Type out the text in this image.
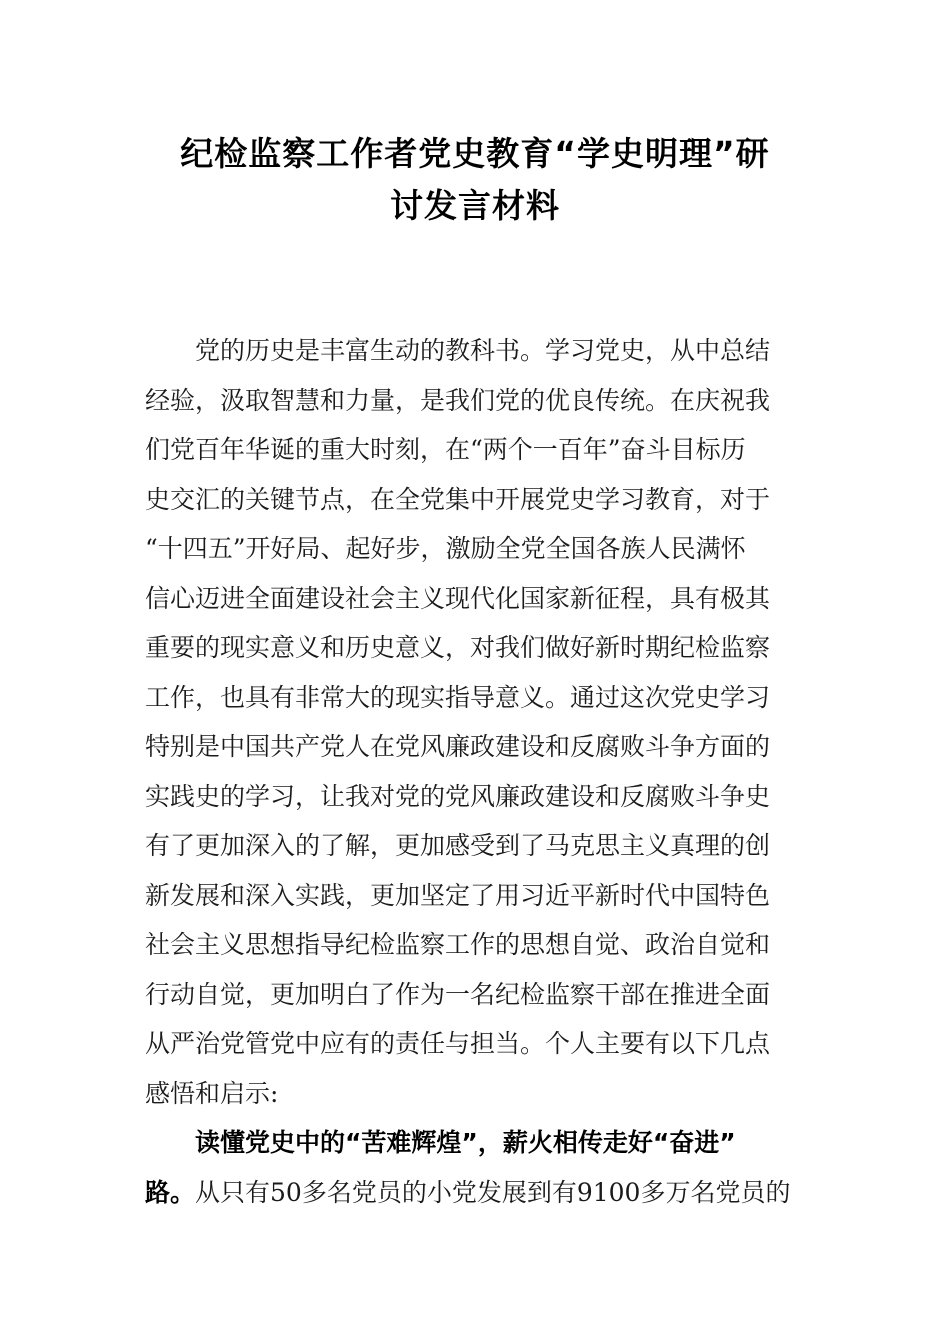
纪检监察工作者党史教育“学史明理”研
讨发言材料
党的历史是丰富生动的教科书。学习党史，从中总结
经验，汲取智慧和力量，是我们党的优良传统。在庆祝我
们党百年华诞的重大时刻，在“两个一百年”奋斗目标历
史交汇的关键节点，在全党集中开展党史学习教育，对于
“十四五”开好局、起好步，激励全党全国各族人民满怀
信心迈进全面建设社会主义现代化国家新征程，具有极其
重要的现实意义和历史意义，对我们做好新时期纪检监察
工作，也具有非常大的现实指导意义。通过这次党史学习
特别是中国共产党人在党风廉政建设和反腐败斗争方面的
实践史的学习，让我对党的党风廉政建设和反腐败斗争史
有了更加深入的了解，更加感受到了马克思主义真理的创
新发展和深入实践，更加坚定了用习近平新时代中国特色
社会主义思想指导纪检监察工作的思想自觉、政治自觉和
行动自觉，更加明白了作为一名纪检监察干部在推进全面
从严治党管党中应有的责任与担当。个人主要有以下几点
感悟和启示:
读懂党史中的“苦难辉煌”，薪火相传走好“奋进”
路。从只有50多名党员的小党发展到有9100多万名党员的
